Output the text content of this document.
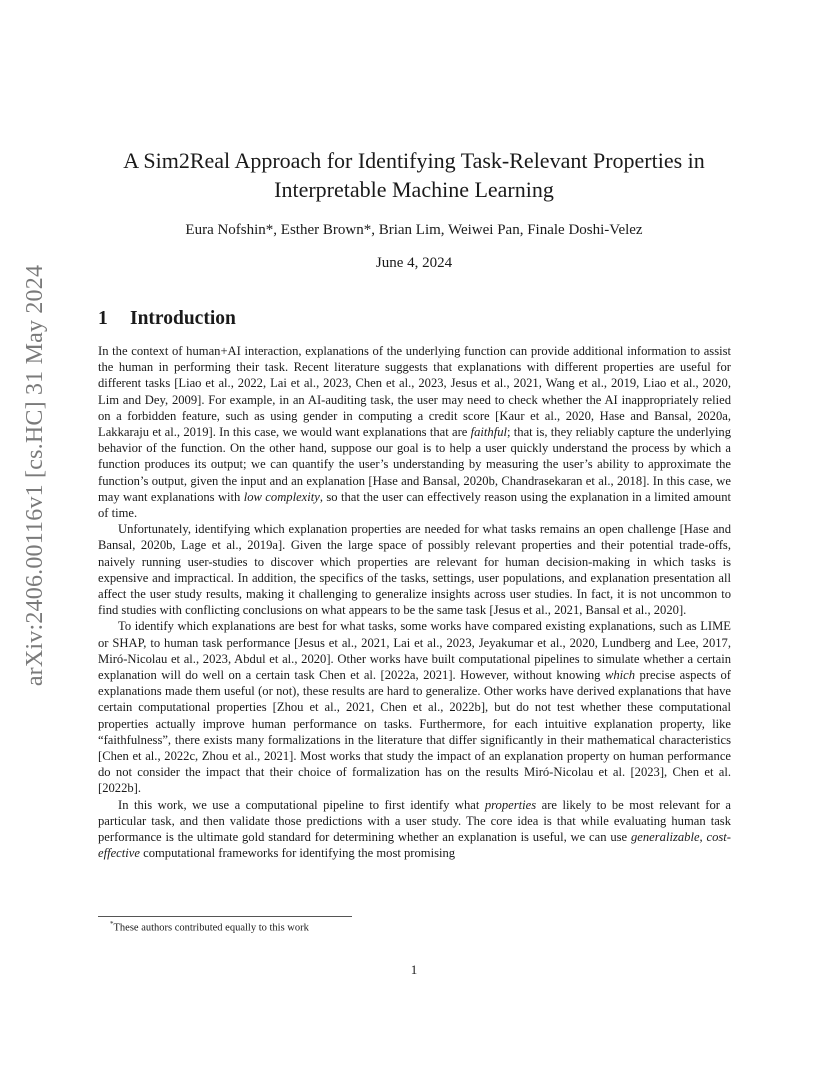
arXiv:2406.00116v1 [cs.HC] 31 May 2024
A Sim2Real Approach for Identifying Task-Relevant Properties in Interpretable Machine Learning
Eura Nofshin*, Esther Brown*, Brian Lim, Weiwei Pan, Finale Doshi-Velez
June 4, 2024
1 Introduction

In the context of human+AI interaction, explanations of the underlying function can provide additional information to assist the human in performing their task. Recent literature suggests that explanations with different properties are useful for different tasks [Liao et al., 2022, Lai et al., 2023, Chen et al., 2023, Jesus et al., 2021, Wang et al., 2019, Liao et al., 2020, Lim and Dey, 2009]. For example, in an AI-auditing task, the user may need to check whether the AI inappropriately relied on a forbidden feature, such as using gender in computing a credit score [Kaur et al., 2020, Hase and Bansal, 2020a, Lakkaraju et al., 2019]. In this case, we would want explanations that are faithful; that is, they reliably capture the underlying behavior of the function. On the other hand, suppose our goal is to help a user quickly understand the process by which a function produces its output; we can quantify the user’s understanding by measuring the user’s ability to approximate the function’s output, given the input and an explanation [Hase and Bansal, 2020b, Chandrasekaran et al., 2018]. In this case, we may want explanations with low complexity, so that the user can effectively reason using the explanation in a limited amount of time.

Unfortunately, identifying which explanation properties are needed for what tasks remains an open challenge [Hase and Bansal, 2020b, Lage et al., 2019a]. Given the large space of possibly relevant properties and their potential trade-offs, naively running user-studies to discover which properties are relevant for human decision-making in which tasks is expensive and impractical. In addition, the specifics of the tasks, settings, user populations, and explanation presentation all affect the user study results, making it challenging to generalize insights across user studies. In fact, it is not uncommon to find studies with conflicting conclusions on what appears to be the same task [Jesus et al., 2021, Bansal et al., 2020].

To identify which explanations are best for what tasks, some works have compared existing explanations, such as LIME or SHAP, to human task performance [Jesus et al., 2021, Lai et al., 2023, Jeyakumar et al., 2020, Lundberg and Lee, 2017, Miró-Nicolau et al., 2023, Abdul et al., 2020]. Other works have built computational pipelines to simulate whether a certain explanation will do well on a certain task Chen et al. [2022a, 2021]. However, without knowing which precise aspects of explanations made them useful (or not), these results are hard to generalize. Other works have derived explanations that have certain computational properties [Zhou et al., 2021, Chen et al., 2022b], but do not test whether these computational properties actually improve human performance on tasks. Furthermore, for each intuitive explanation property, like “faithfulness”, there exists many formalizations in the literature that differ significantly in their mathematical characteristics [Chen et al., 2022c, Zhou et al., 2021]. Most works that study the impact of an explanation property on human performance do not consider the impact that their choice of formalization has on the results Miró-Nicolau et al. [2023], Chen et al. [2022b].

In this work, we use a computational pipeline to first identify what properties are likely to be most relevant for a particular task, and then validate those predictions with a user study. The core idea is that while evaluating human task performance is the ultimate gold standard for determining whether an explanation is useful, we can use generalizable, cost-effective computational frameworks for identifying the most promising

*These authors contributed equally to this work
1
